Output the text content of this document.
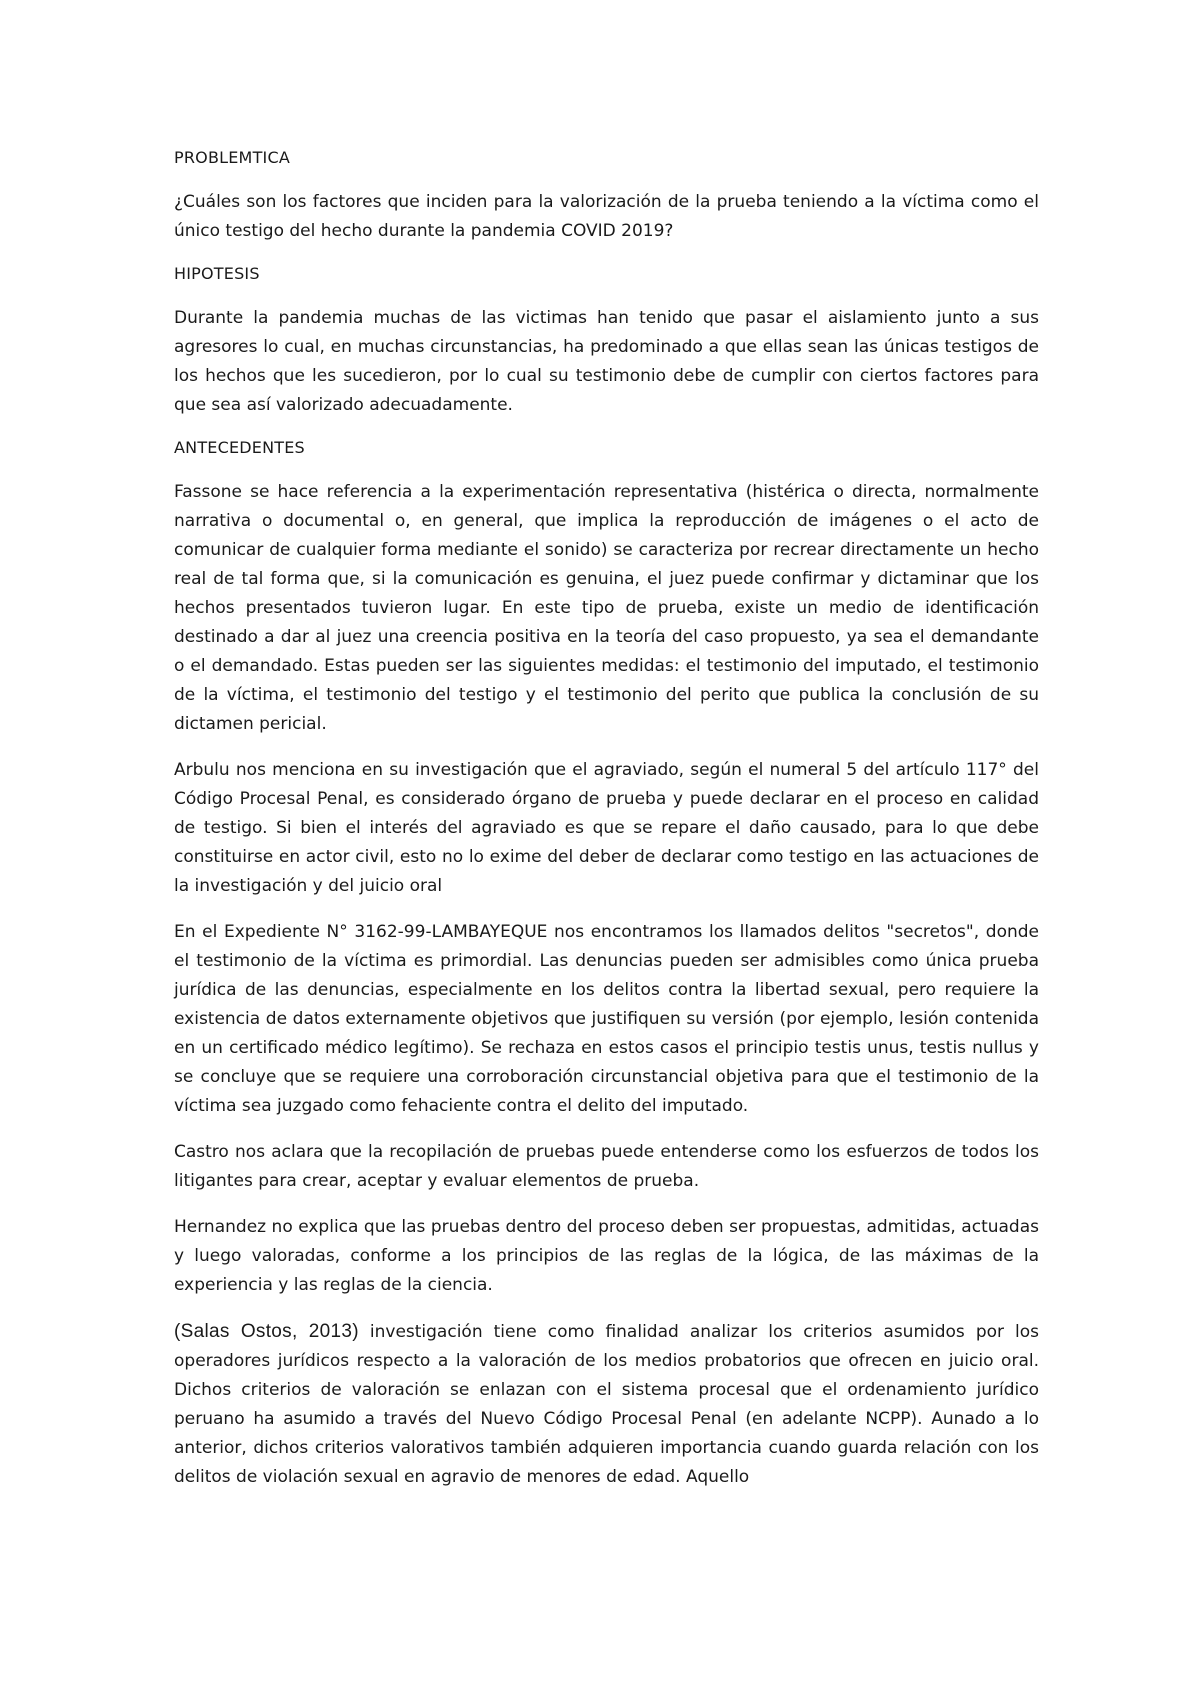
PROBLEMTICA

¿Cuáles son los factores que inciden para la valorización de la prueba teniendo a la víctima como el único testigo del hecho durante la pandemia COVID 2019?

HIPOTESIS

Durante la pandemia muchas de las victimas han tenido que pasar el aislamiento junto a sus agresores lo cual, en muchas circunstancias, ha predominado a que ellas sean las únicas testigos de los hechos que les sucedieron, por lo cual su testimonio debe de cumplir con ciertos factores para que sea así valorizado adecuadamente.

ANTECEDENTES

Fassone se hace referencia a la experimentación representativa (histérica o directa, normalmente narrativa o documental o, en general, que implica la reproducción de imágenes o el acto de comunicar de cualquier forma mediante el sonido) se caracteriza por recrear directamente un hecho real de tal forma que, si la comunicación es genuina, el juez puede confirmar y dictaminar que los hechos presentados tuvieron lugar. En este tipo de prueba, existe un medio de identificación destinado a dar al juez una creencia positiva en la teoría del caso propuesto, ya sea el demandante o el demandado. Estas pueden ser las siguientes medidas: el testimonio del imputado, el testimonio de la víctima, el testimonio del testigo y el testimonio del perito que publica la conclusión de su dictamen pericial.

Arbulu nos menciona en su investigación que el agraviado, según el numeral 5 del artículo 117° del Código Procesal Penal, es considerado órgano de prueba y puede declarar en el proceso en calidad de testigo. Si bien el interés del agraviado es que se repare el daño causado, para lo que debe constituirse en actor civil, esto no lo exime del deber de declarar como testigo en las actuaciones de la investigación y del juicio oral

En el Expediente N° 3162-99-LAMBAYEQUE nos encontramos los llamados delitos "secretos", donde el testimonio de la víctima es primordial. Las denuncias pueden ser admisibles como única prueba jurídica de las denuncias, especialmente en los delitos contra la libertad sexual, pero requiere la existencia de datos externamente objetivos que justifiquen su versión (por ejemplo, lesión contenida en un certificado médico legítimo). Se rechaza en estos casos el principio testis unus, testis nullus y se concluye que se requiere una corroboración circunstancial objetiva para que el testimonio de la víctima sea juzgado como fehaciente contra el delito del imputado.

Castro nos aclara que la recopilación de pruebas puede entenderse como los esfuerzos de todos los litigantes para crear, aceptar y evaluar elementos de prueba.

Hernandez no explica que las pruebas dentro del proceso deben ser propuestas, admitidas, actuadas y luego valoradas, conforme a los principios de las reglas de la lógica, de las máximas de la experiencia y las reglas de la ciencia.

(Salas Ostos, 2013) investigación tiene como finalidad analizar los criterios asumidos por los operadores jurídicos respecto a la valoración de los medios probatorios que ofrecen en juicio oral. Dichos criterios de valoración se enlazan con el sistema procesal que el ordenamiento jurídico peruano ha asumido a través del Nuevo Código Procesal Penal (en adelante NCPP). Aunado a lo anterior, dichos criterios valorativos también adquieren importancia cuando guarda relación con los delitos de violación sexual en agravio de menores de edad. Aquello
